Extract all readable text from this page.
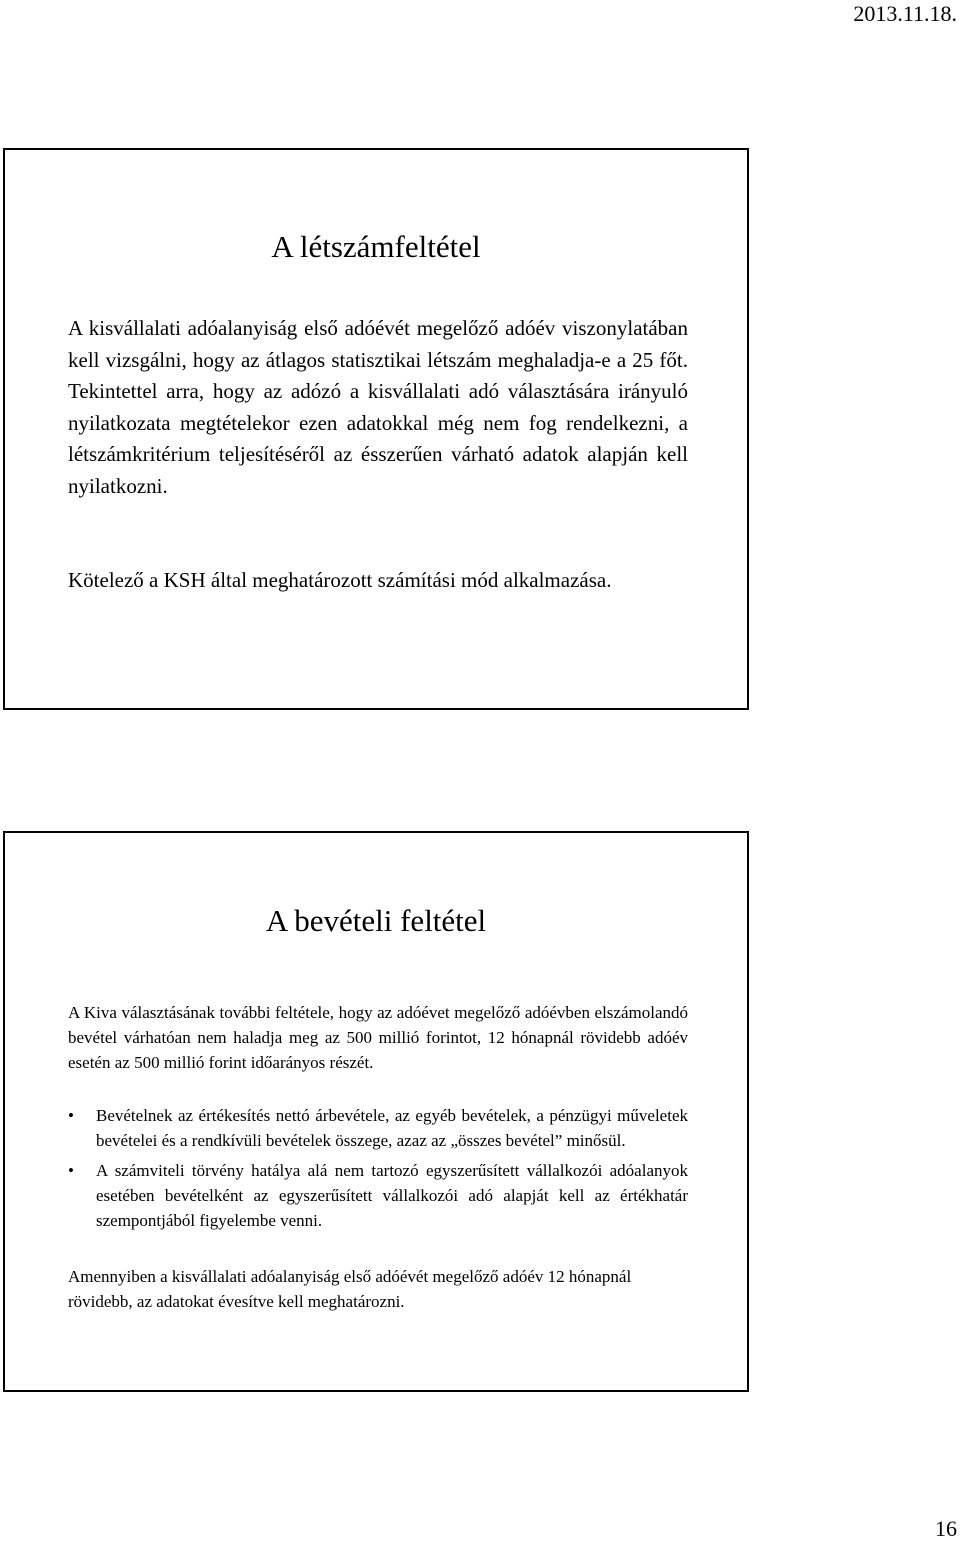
2013.11.18.
A létszámfeltétel

A kisvállalati adóalanyiság első adóévét megelőző adóév viszonylatában kell vizsgálni, hogy az átlagos statisztikai létszám meghaladja-e a 25 főt. Tekintettel arra, hogy az adózó a kisvállalati adó választására irányuló nyilatkozata megtételekor ezen adatokkal még nem fog rendelkezni, a létszámkritérium teljesítéséről az ésszerűen várható adatok alapján kell nyilatkozni.

Kötelező a KSH által meghatározott számítási mód alkalmazása.

A bevételi feltétel

A Kiva választásának további feltétele, hogy az adóévet megelőző adóévben elszámolandó bevétel várhatóan nem haladja meg az 500 millió forintot, 12 hónapnál rövidebb adóév esetén az 500 millió forint időarányos részét.

• Bevételnek az értékesítés nettó árbevétele, az egyéb bevételek, a pénzügyi műveletek bevételei és a rendkívüli bevételek összege, azaz az „összes bevétel” minősül.
• A számviteli törvény hatálya alá nem tartozó egyszerűsített vállalkozói adóalanyok esetében bevételként az egyszerűsített vállalkozói adó alapját kell az értékhatár szempontjából figyelembe venni.

Amennyiben a kisvállalati adóalanyiság első adóévét megelőző adóév 12 hónapnál rövidebb, az adatokat évesítve kell meghatározni.

16
